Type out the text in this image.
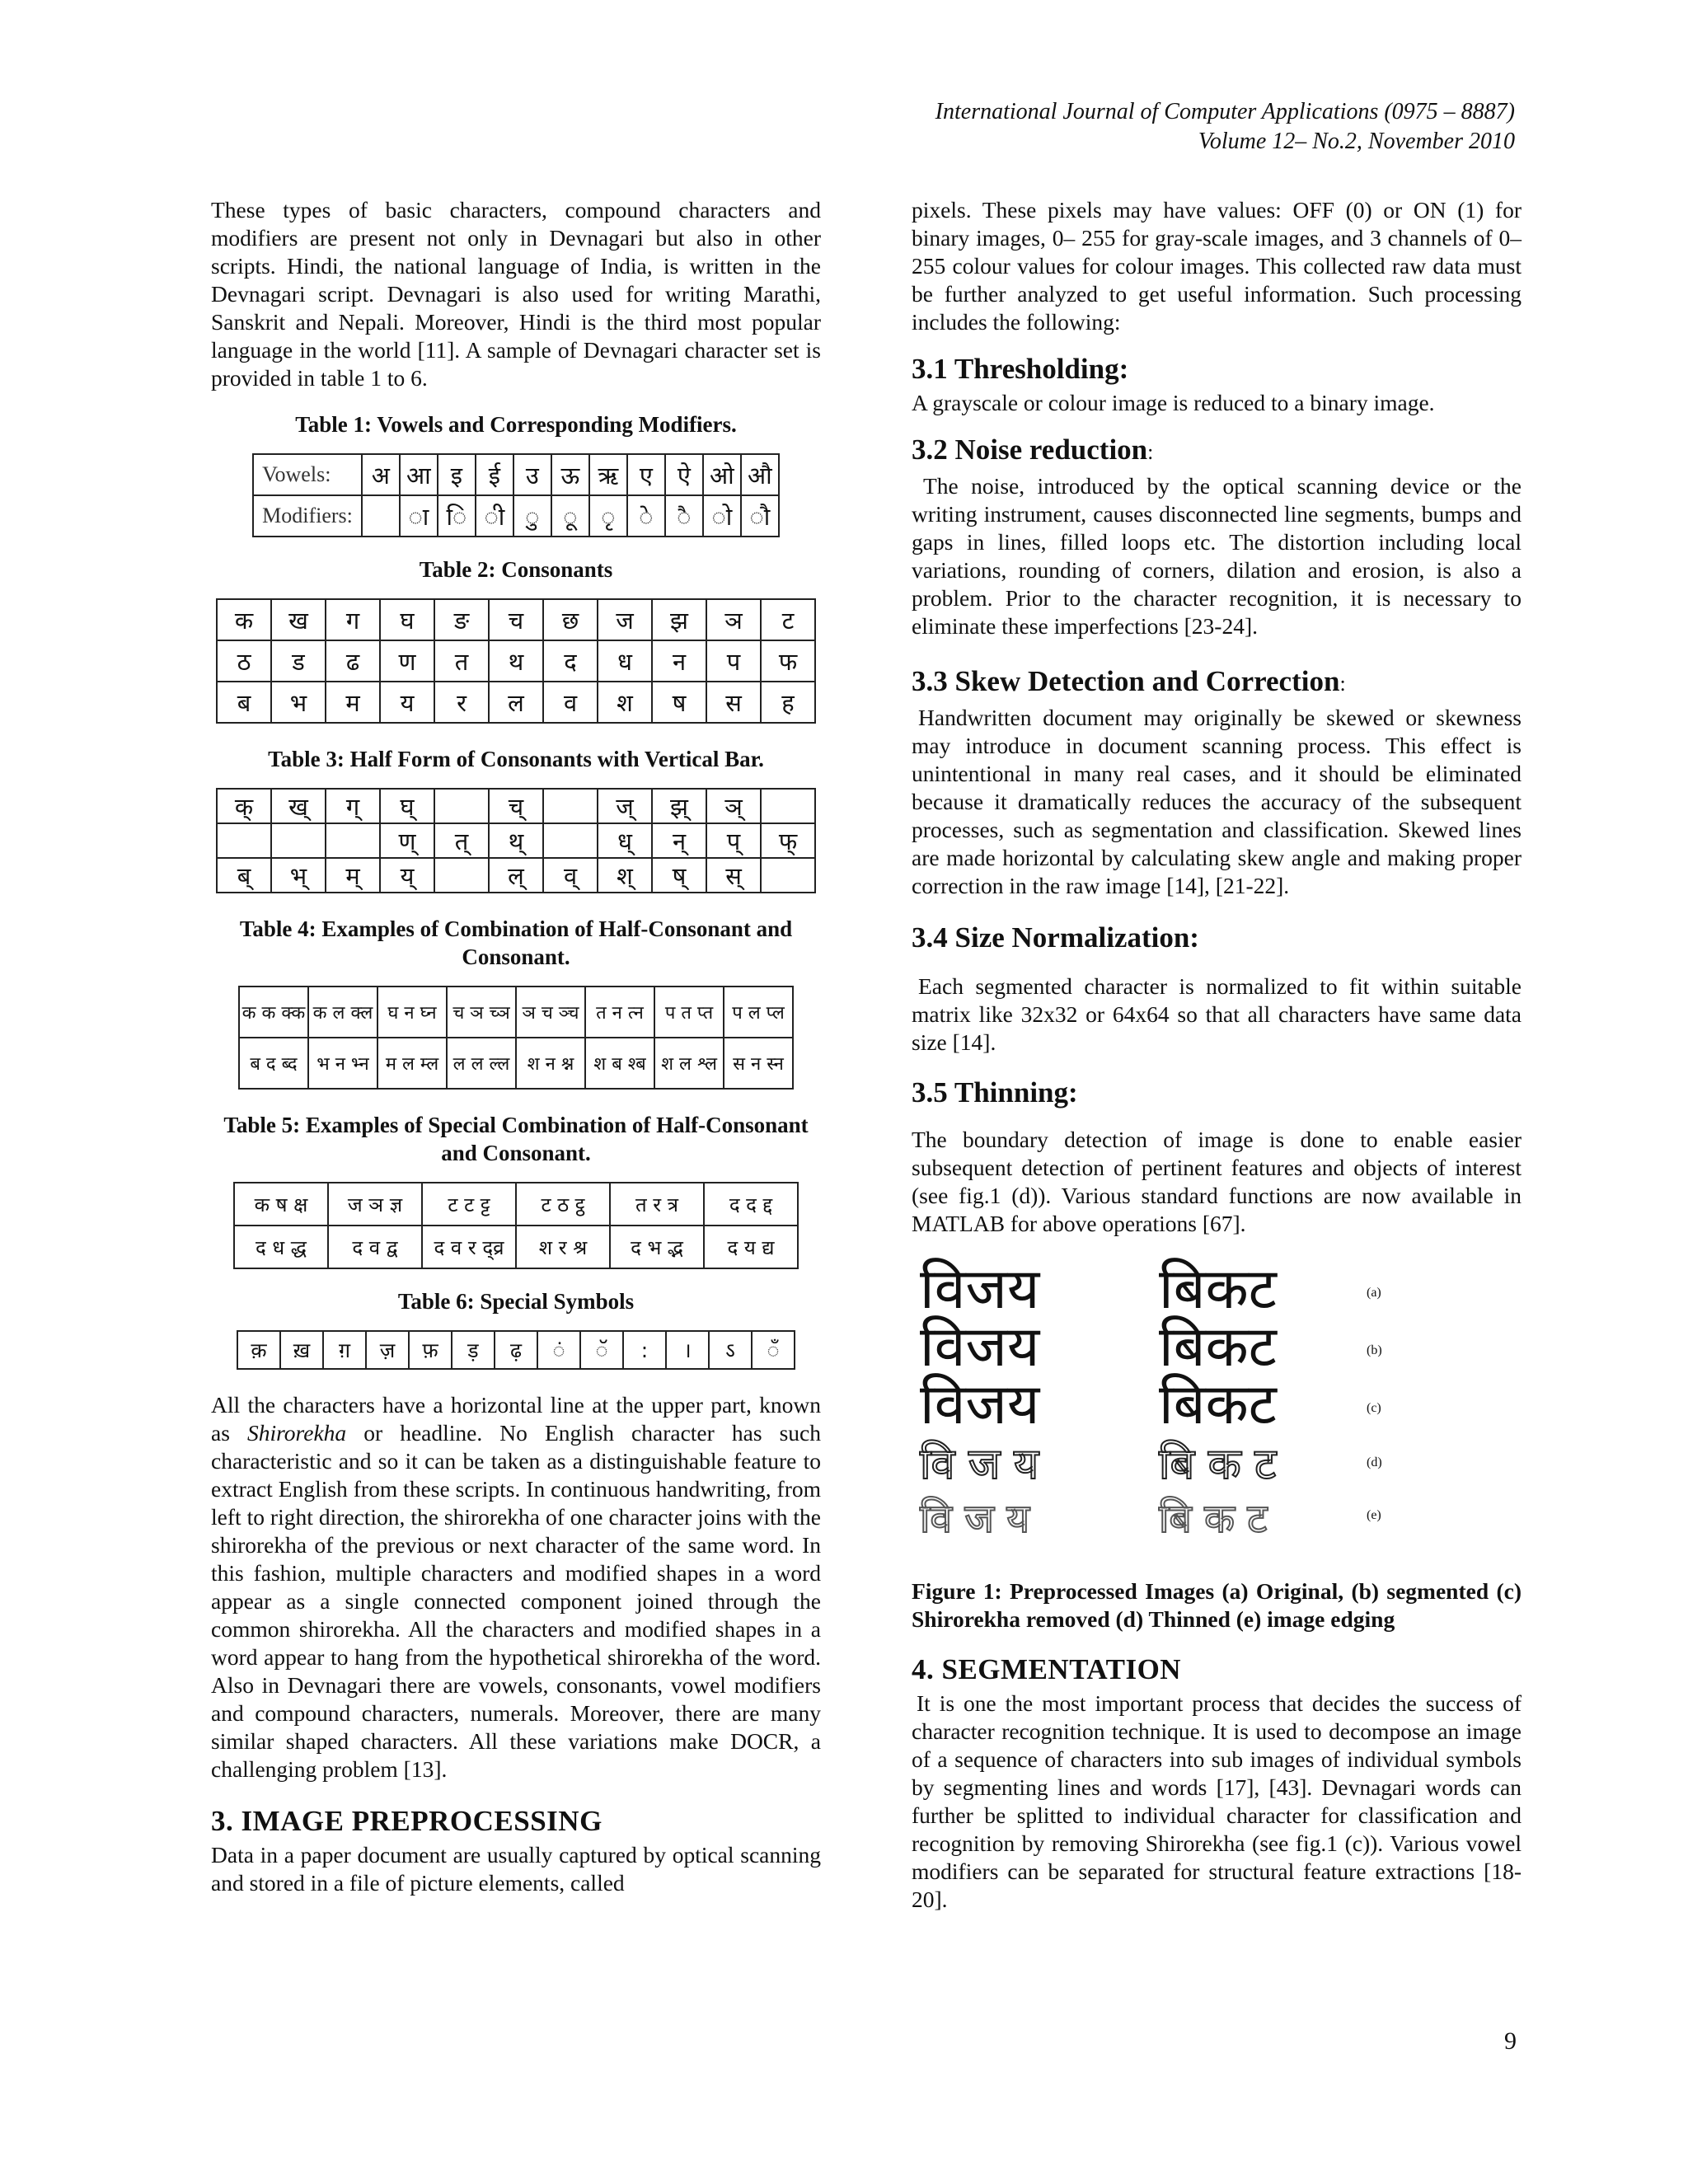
International Journal of Computer Applications (0975 – 8887)
Volume 12– No.2, November 2010

These types of basic characters, compound characters and modifiers are present not only in Devnagari but also in other scripts. Hindi, the national language of India, is written in the Devnagari script. Devnagari is also used for writing Marathi, Sanskrit and Nepali. Moreover, Hindi is the third most popular language in the world [11]. A sample of Devnagari character set is provided in table 1 to 6.

Table 1: Vowels and Corresponding Modifiers.
Vowels:	अ	आ	इ	ई	उ	ऊ	ऋ	ए	ऐ	ओ	औ
Modifiers:		ा	ि	ी	ु	ू	ृ	े	ै	ो	ौ
Table 2: Consonants
क	ख	ग	घ	ङ	च	छ	ज	झ	ञ	ट
ठ	ड	ढ	ण	त	थ	द	ध	न	प	फ
ब	भ	म	य	र	ल	व	श	ष	स	ह
Table 3: Half Form of Consonants with Vertical Bar.
क्	ख्	ग्	घ्		च्		ज्	झ्	ञ्	
			ण्	त्	थ्		ध्	न्	प्	फ्
ब्	भ्	म्	य्		ल्	व्	श्	ष्	स्	
Table 4: Examples of Combination of Half-Consonant and Consonant.
क क क्क	क ल क्ल	घ न घ्न	च ञ च्ञ	ञ च ञ्च	त न त्न	प त प्त	प ल प्ल
ब द ब्द	भ न भ्न	म ल म्ल	ल ल ल्ल	श न श्न	श ब श्ब	श ल श्ल	स न स्न
Table 5: Examples of Special Combination of Half-Consonant and Consonant.
क ष क्ष	ज ञ ज्ञ	ट ट ट्ट	ट ठ ट्ठ	त र त्र	द द द्द
द ध द्ध	द व द्व	द व र द्व्र	श र श्र	द भ द्भ	द य द्य
Table 6: Special Symbols
क़	ख़	ग़	ज़	फ़	ड़	ढ़	ं	ॅ	:	।	ऽ	ँ

All the characters have a horizontal line at the upper part, known as Shirorekha or headline. No English character has such characteristic and so it can be taken as a distinguishable feature to extract English from these scripts. In continuous handwriting, from left to right direction, the shirorekha of one character joins with the shirorekha of the previous or next character of the same word. In this fashion, multiple characters and modified shapes in a word appear as a single connected component joined through the common shirorekha. All the characters and modified shapes in a word appear to hang from the hypothetical shirorekha of the word. Also in Devnagari there are vowels, consonants, vowel modifiers and compound characters, numerals. Moreover, there are many similar shaped characters. All these variations make DOCR, a challenging problem [13].

3. IMAGE PREPROCESSING

Data in a paper document are usually captured by optical scanning and stored in a file of picture elements, called

pixels. These pixels may have values: OFF (0) or ON (1) for binary images, 0– 255 for gray-scale images, and 3 channels of 0–255 colour values for colour images. This collected raw data must be further analyzed to get useful information. Such processing includes the following:

3.1 Thresholding:

A grayscale or colour image is reduced to a binary image.

3.2 Noise reduction:

The noise, introduced by the optical scanning device or the writing instrument, causes disconnected line segments, bumps and gaps in lines, filled loops etc. The distortion including local variations, rounding of corners, dilation and erosion, is also a problem. Prior to the character recognition, it is necessary to eliminate these imperfections [23-24].

3.3 Skew Detection and Correction:

Handwritten document may originally be skewed or skewness may introduce in document scanning process. This effect is unintentional in many real cases, and it should be eliminated because it dramatically reduces the accuracy of the subsequent processes, such as segmentation and classification. Skewed lines are made horizontal by calculating skew angle and making proper correction in the raw image [14], [21-22].

3.4 Size Normalization:

Each segmented character is normalized to fit within suitable matrix like 32x32 or 64x64 so that all characters have same data size [14].

3.5 Thinning:

The boundary detection of image is done to enable easier subsequent detection of pertinent features and objects of interest (see fig.1 (d)). Various standard functions are now available in MATLAB for above operations [67].

विजय बिकट	(a)
विजय बिकट	(b)
विजय बिकट	(c)
वि ज य	बि क ट	(d)
वि ज य	बि क ट	(e)

Figure 1: Preprocessed Images (a) Original, (b) segmented (c) Shirorekha removed (d) Thinned (e) image edging

4. SEGMENTATION

It is one the most important process that decides the success of character recognition technique. It is used to decompose an image of a sequence of characters into sub images of individual symbols by segmenting lines and words [17], [43]. Devnagari words can further be splitted to individual character for classification and recognition by removing Shirorekha (see fig.1 (c)). Various vowel modifiers can be separated for structural feature extractions [18-20].

9
